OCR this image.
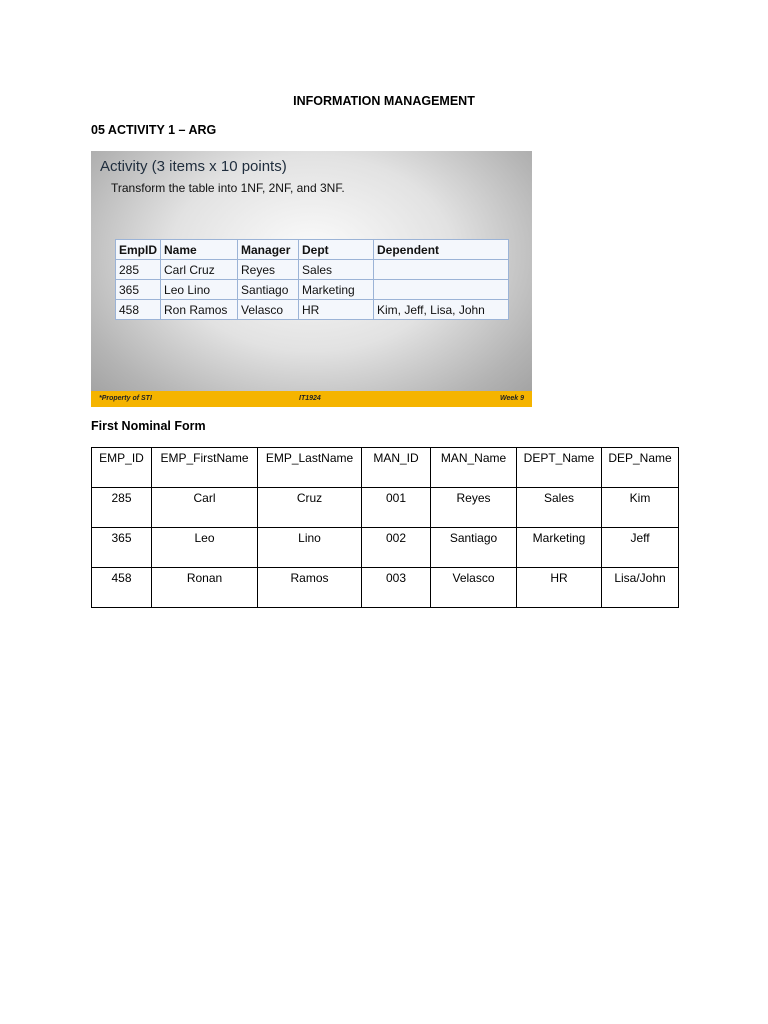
INFORMATION MANAGEMENT
05 ACTIVITY 1 – ARG
Activity (3 items x 10 points)
Transform the table into 1NF, 2NF, and 3NF.
EmpID	Name	Manager	Dept	Dependent
285	Carl Cruz	Reyes	Sales	
365	Leo Lino	Santiago	Marketing	
458	Ron Ramos	Velasco	HR	Kim, Jeff, Lisa, John
*Property of STI	IT1924	Week 9
First Nominal Form
EMP_ID	EMP_FirstName	EMP_LastName	MAN_ID	MAN_Name	DEPT_Name	DEP_Name
285	Carl	Cruz	001	Reyes	Sales	Kim
365	Leo	Lino	002	Santiago	Marketing	Jeff
458	Ronan	Ramos	003	Velasco	HR	Lisa/John
